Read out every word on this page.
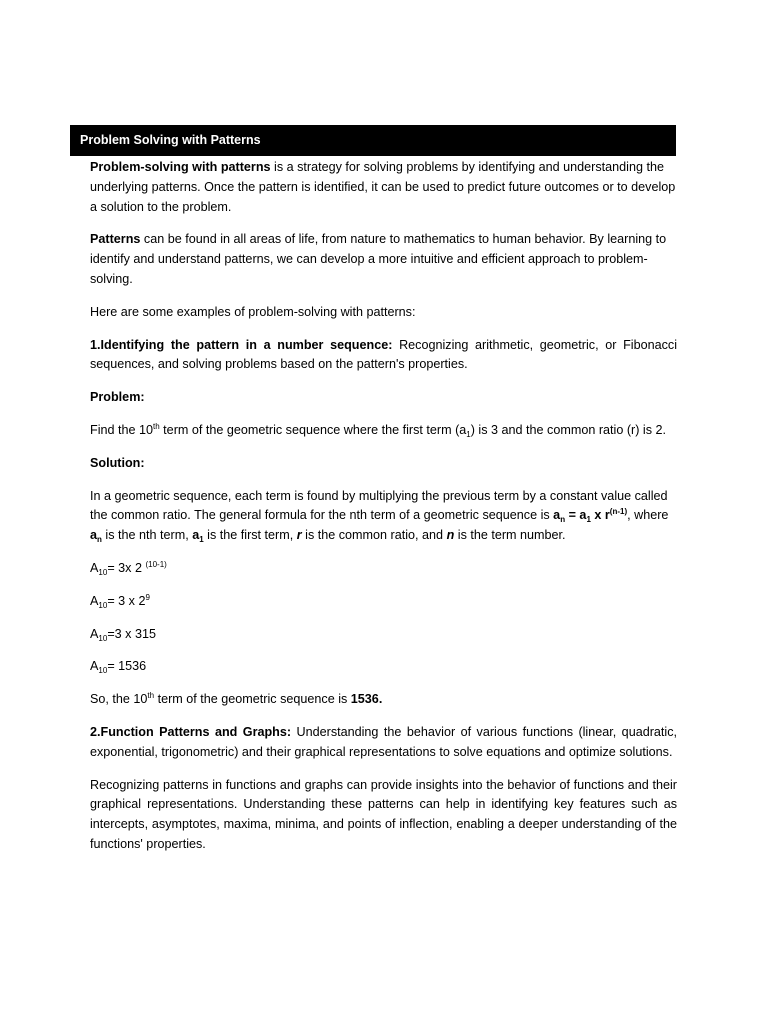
Problem Solving with Patterns

Problem-solving with patterns is a strategy for solving problems by identifying and understanding the underlying patterns. Once the pattern is identified, it can be used to predict future outcomes or to develop a solution to the problem.

Patterns can be found in all areas of life, from nature to mathematics to human behavior. By learning to identify and understand patterns, we can develop a more intuitive and efficient approach to problem-solving.

Here are some examples of problem-solving with patterns:

1.Identifying the pattern in a number sequence: Recognizing arithmetic, geometric, or Fibonacci sequences, and solving problems based on the pattern's properties.

Problem:

Find the 10th term of the geometric sequence where the first term $(a_1)$ is 3 and the common ratio (r) is 2.

Solution:

In a geometric sequence, each term is found by multiplying the previous term by a constant value called the common ratio. The general formula for the nth term of a geometric sequence is $a_n = a_1$ x $r^{(n-1)}$, where $a_n$ is the nth term, $a_1$ is the first term, r is the common ratio, and n is the term number.

$A_{10}= 3x$ 2 $^{(10-1)}$

$A_{10}= 3$ x $2^9$

$A_{10}=3$ x 315

$A_{10}= 1536$

So, the 10th term of the geometric sequence is 1536.

2.Function Patterns and Graphs: Understanding the behavior of various functions (linear, quadratic, exponential, trigonometric) and their graphical representations to solve equations and optimize solutions.

Recognizing patterns in functions and graphs can provide insights into the behavior of functions and their graphical representations. Understanding these patterns can help in identifying key features such as intercepts, asymptotes, maxima, minima, and points of inflection, enabling a deeper understanding of the functions' properties.
